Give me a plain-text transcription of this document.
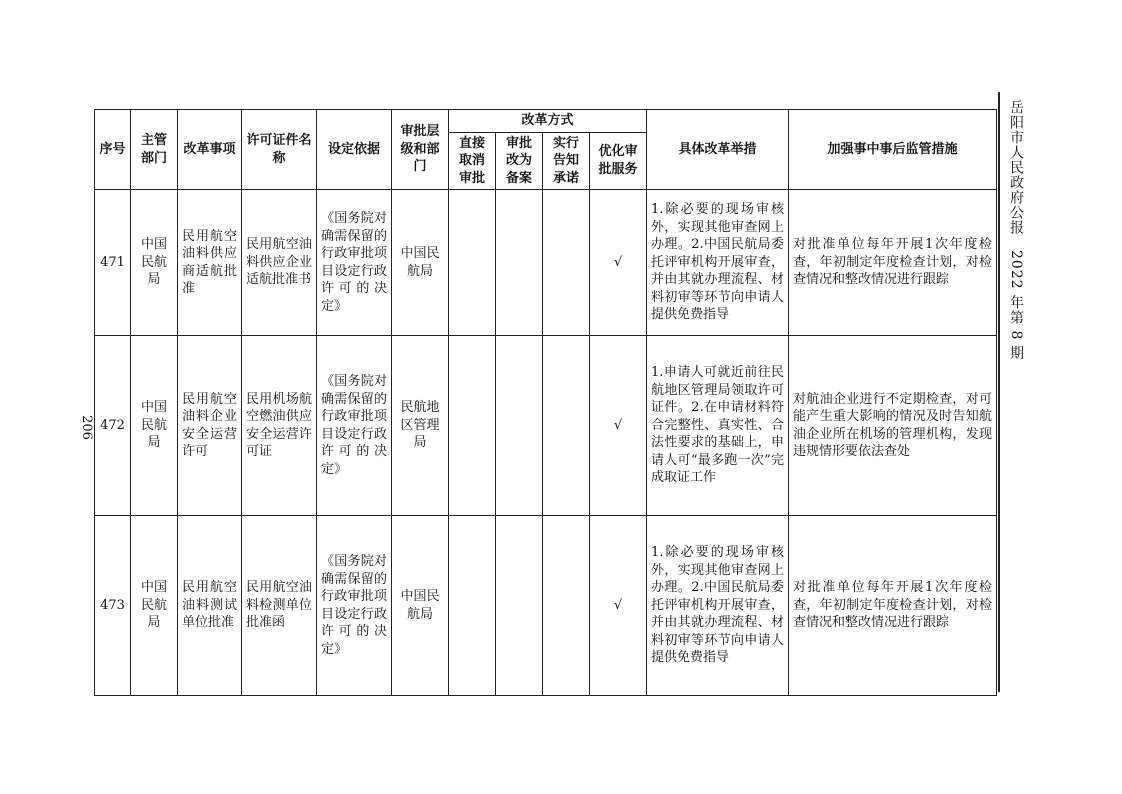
序号	主管部门	改革事项	许可证件名称	设定依据	审批层级和部门	改革方式				具体改革举措	加强事中事后监管措施
						直接取消审批	审批改为备案	实行告知承诺	优化审批服务		
471	中国民航局	民用航空油料供应商适航批准	民用航空油料供应企业适航批准书	《国务院对确需保留的行政审批项目设定行政许可的决定》	中国民航局				√	1.除必要的现场审核外，实现其他审查网上办理。2.中国民航局委托评审机构开展审查，并由其就办理流程、材料初审等环节向申请人提供免费指导	对批准单位每年开展1次年度检查，年初制定年度检查计划，对检查情况和整改情况进行跟踪
472	中国民航局	民用航空油料企业安全运营许可	民用机场航空燃油供应安全运营许可证	《国务院对确需保留的行政审批项目设定行政许可的决定》	民航地区管理局				√	1.申请人可就近前往民航地区管理局领取许可证件。2.在申请材料符合完整性、真实性、合法性要求的基础上，申请人可“最多跑一次”完成取证工作	对航油企业进行不定期检查，对可能产生重大影响的情况及时告知航油企业所在机场的管理机构，发现违规情形要依法查处
473	中国民航局	民用航空油料测试单位批准	民用航空油料检测单位批准函	《国务院对确需保留的行政审批项目设定行政许可的决定》	中国民航局				√	1.除必要的现场审核外，实现其他审查网上办理。2.中国民航局委托评审机构开展审查，并由其就办理流程、材料初审等环节向申请人提供免费指导	对批准单位每年开展1次年度检查，年初制定年度检查计划，对检查情况和整改情况进行跟踪
岳阳市人民政府公报　2022 年第 8 期
206
